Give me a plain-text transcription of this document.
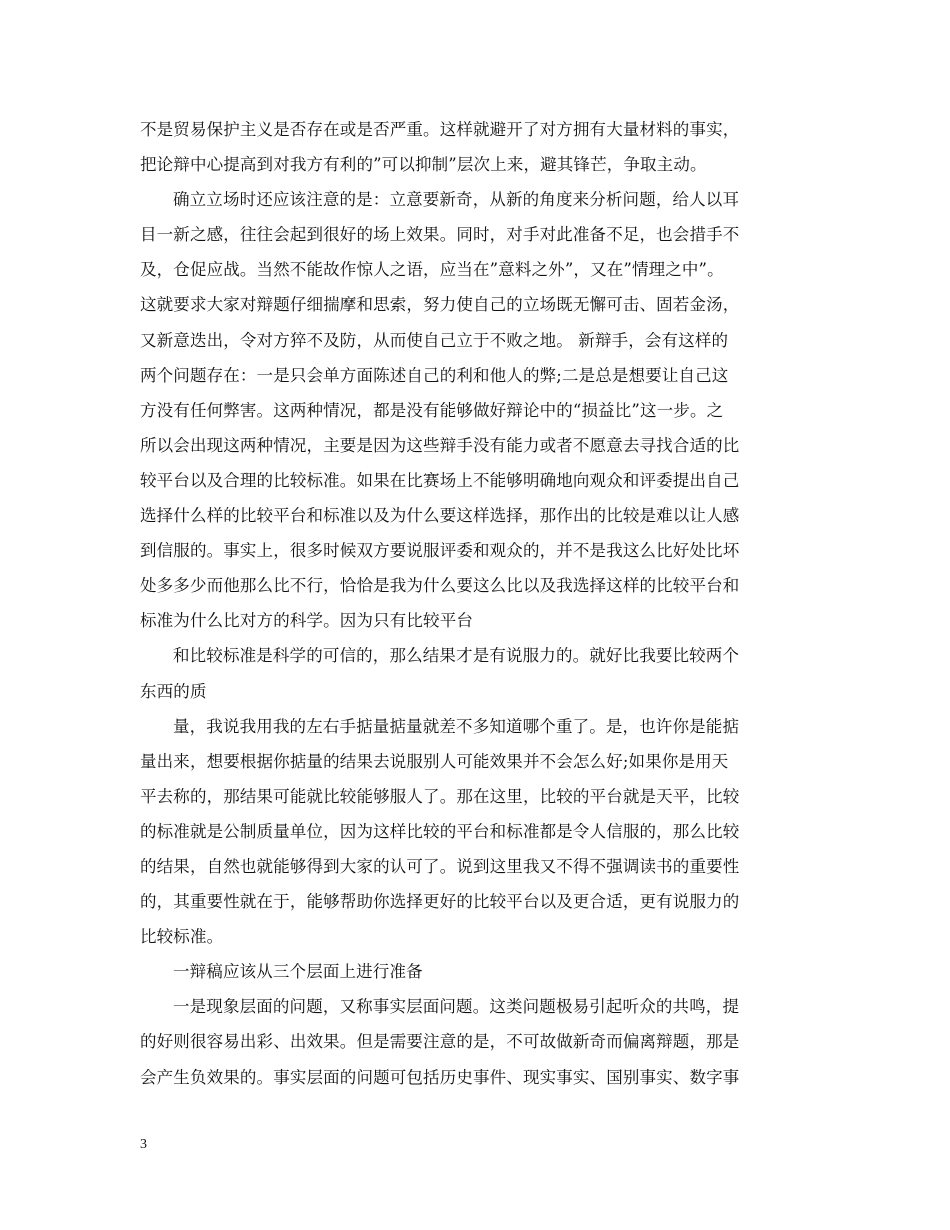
不是贸易保护主义是否存在或是否严重。这样就避开了对方拥有大量材料的事实，
把论辩中心提高到对我方有利的”可以抑制”层次上来，避其锋芒，争取主动。
确立立场时还应该注意的是：立意要新奇，从新的角度来分析问题，给人以耳
目一新之感，往往会起到很好的场上效果。同时，对手对此准备不足，也会措手不
及，仓促应战。当然不能故作惊人之语，应当在”意料之外”，又在”情理之中”。
这就要求大家对辩题仔细揣摩和思索，努力使自己的立场既无懈可击、固若金汤，
又新意迭出，令对方猝不及防，从而使自己立于不败之地。 新辩手，会有这样的
两个问题存在：一是只会单方面陈述自己的利和他人的弊;二是总是想要让自己这
方没有任何弊害。这两种情况，都是没有能够做好辩论中的“损益比”这一步。之
所以会出现这两种情况，主要是因为这些辩手没有能力或者不愿意去寻找合适的比
较平台以及合理的比较标准。如果在比赛场上不能够明确地向观众和评委提出自己
选择什么样的比较平台和标准以及为什么要这样选择，那作出的比较是难以让人感
到信服的。事实上，很多时候双方要说服评委和观众的，并不是我这么比好处比坏
处多多少而他那么比不行，恰恰是我为什么要这么比以及我选择这样的比较平台和
标准为什么比对方的科学。因为只有比较平台
和比较标准是科学的可信的，那么结果才是有说服力的。就好比我要比较两个
东西的质
量，我说我用我的左右手掂量掂量就差不多知道哪个重了。是，也许你是能掂
量出来，想要根据你掂量的结果去说服别人可能效果并不会怎么好;如果你是用天
平去称的，那结果可能就比较能够服人了。那在这里，比较的平台就是天平，比较
的标准就是公制质量单位，因为这样比较的平台和标准都是令人信服的，那么比较
的结果，自然也就能够得到大家的认可了。说到这里我又不得不强调读书的重要性
的，其重要性就在于，能够帮助你选择更好的比较平台以及更合适，更有说服力的
比较标准。
一辩稿应该从三个层面上进行准备
一是现象层面的问题，又称事实层面问题。这类问题极易引起听众的共鸣，提
的好则很容易出彩、出效果。但是需要注意的是，不可故做新奇而偏离辩题，那是
会产生负效果的。事实层面的问题可包括历史事件、现实事实、国别事实、数字事
3
